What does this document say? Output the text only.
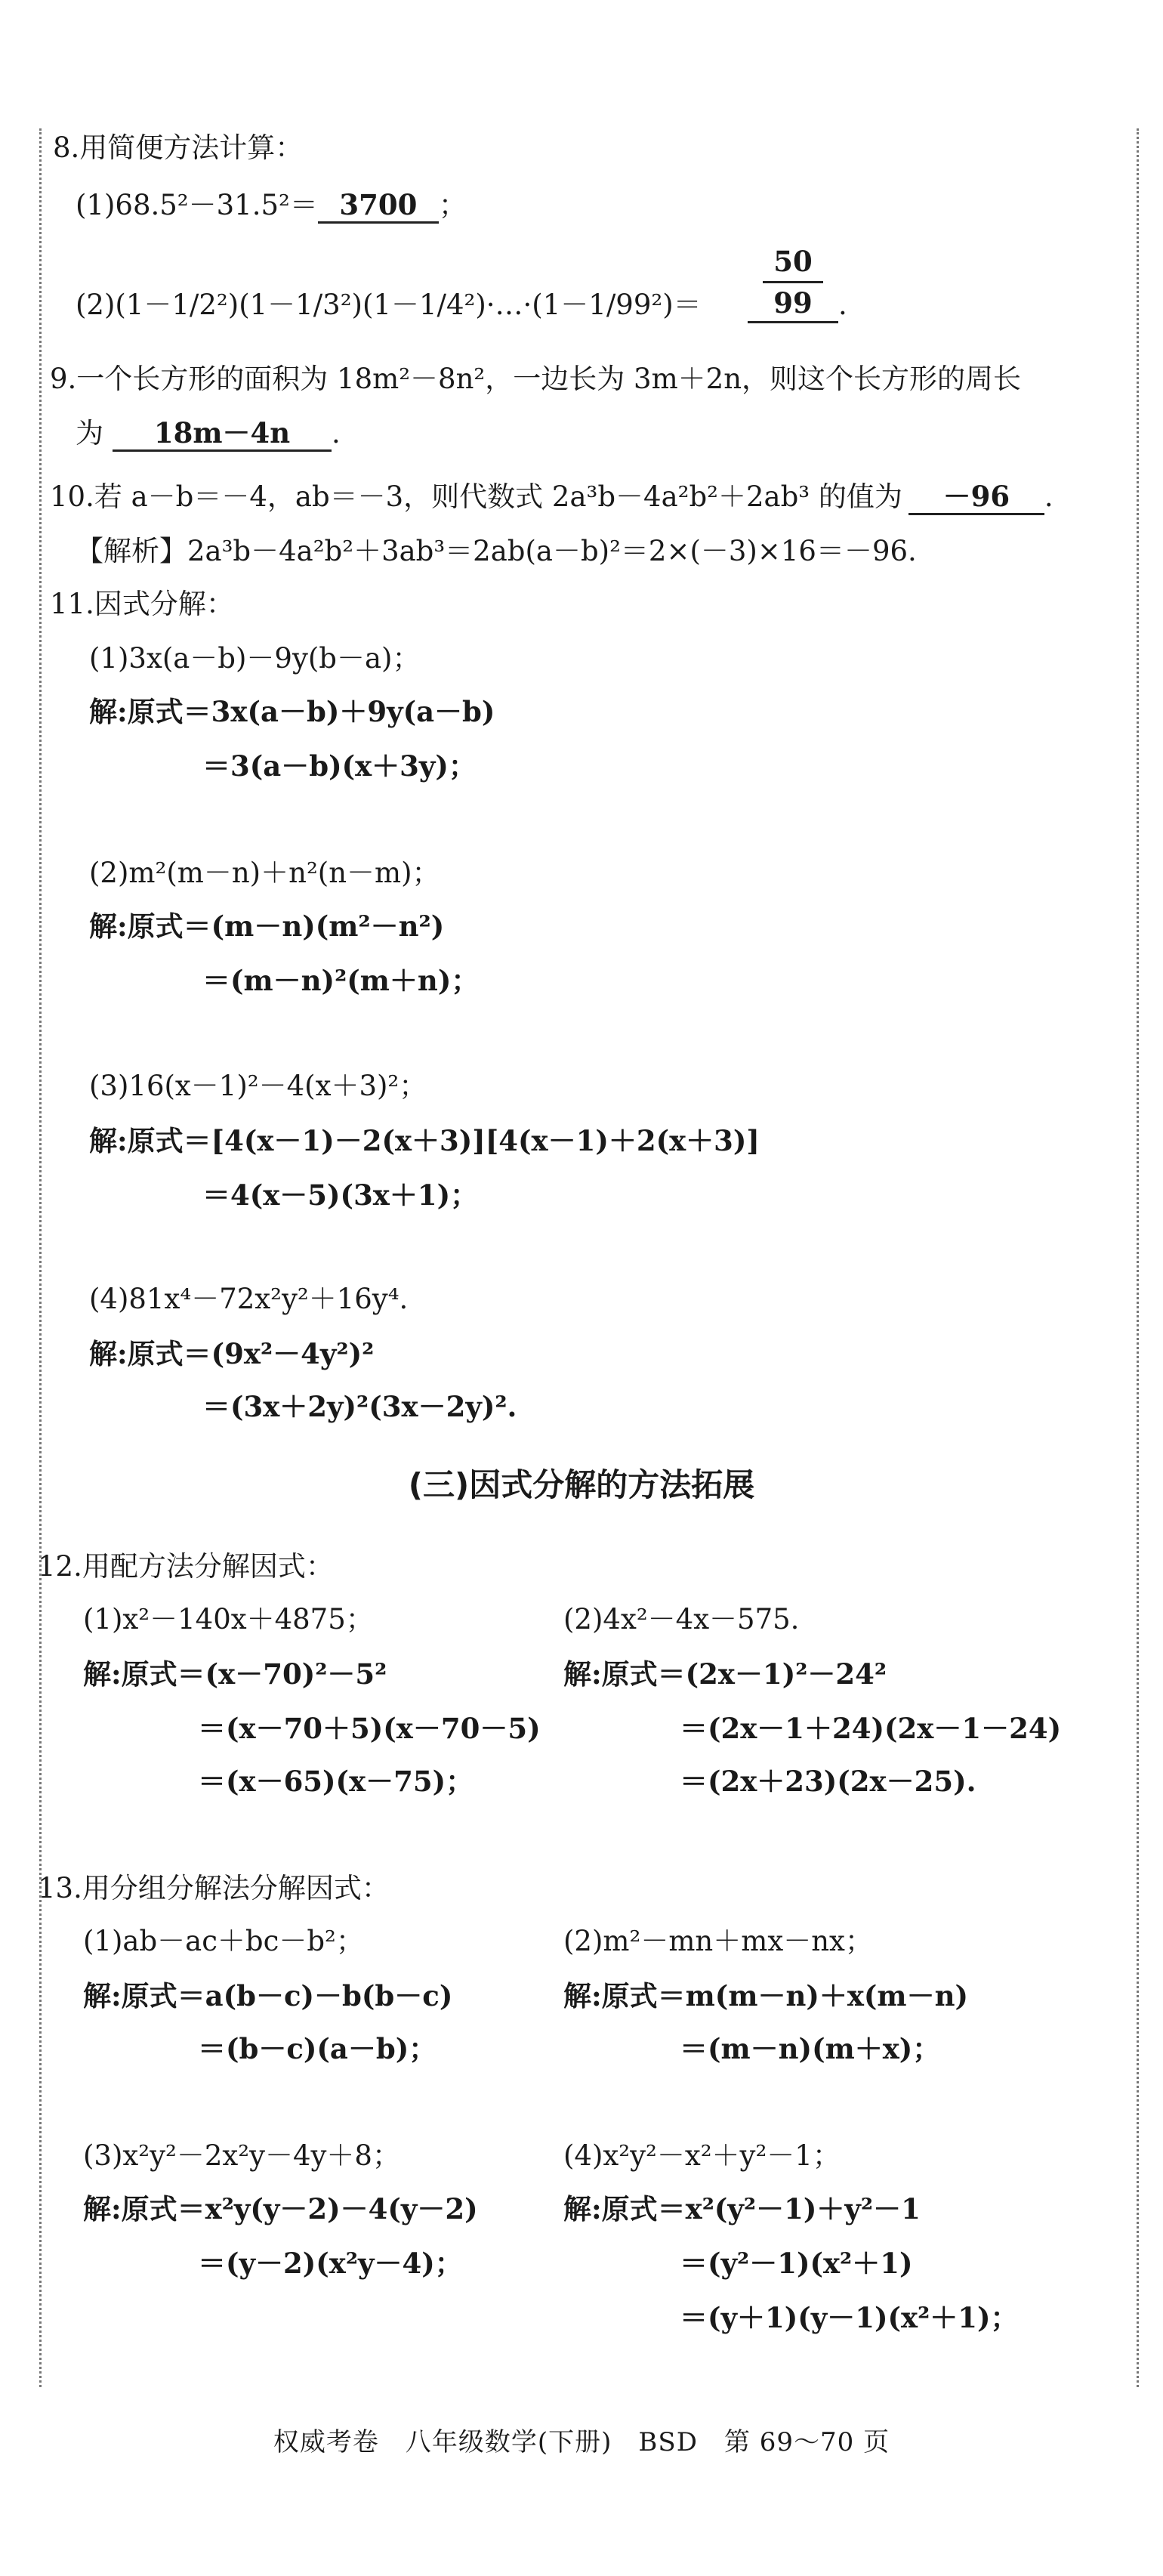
8.用简便方法计算：
(1)68.5²－31.5²＝ 3700 ；
(2)(1－1/2²)(1－1/3²)(1－1/4²)·…·(1－1/99²)＝
50
99 .
9.一个长方形的面积为 18m²－8n²，一边长为 3m＋2n，则这个长方形的周长
为 18m－4n .
10.若 a－b＝－4，ab＝－3，则代数式 2a³b－4a²b²＋2ab³ 的值为 －96 .
【解析】2a³b－4a²b²＋3ab³＝2ab(a－b)²＝2×(－3)×16＝－96.
11.因式分解：
(1)3x(a－b)－9y(b－a)；
解:原式＝3x(a－b)＋9y(a－b)
＝3(a－b)(x＋3y)；
(2)m²(m－n)＋n²(n－m)；
解:原式＝(m－n)(m²－n²)
＝(m－n)²(m＋n)；
(3)16(x－1)²－4(x＋3)²；
解:原式＝[4(x－1)－2(x＋3)][4(x－1)＋2(x＋3)]
＝4(x－5)(3x＋1)；
(4)81x⁴－72x²y²＋16y⁴.
解:原式＝(9x²－4y²)²
＝(3x＋2y)²(3x－2y)².
(三)因式分解的方法拓展
12.用配方法分解因式：
(1)x²－140x＋4875；
解:原式＝(x－70)²－5²
＝(x－70＋5)(x－70－5)
＝(x－65)(x－75)；
(2)4x²－4x－575.
解:原式＝(2x－1)²－24²
＝(2x－1＋24)(2x－1－24)
＝(2x＋23)(2x－25).
13.用分组分解法分解因式：
(1)ab－ac＋bc－b²；
解:原式＝a(b－c)－b(b－c)
＝(b－c)(a－b)；
(2)m²－mn＋mx－nx；
解:原式＝m(m－n)＋x(m－n)
＝(m－n)(m＋x)；
(3)x²y²－2x²y－4y＋8；
解:原式＝x²y(y－2)－4(y－2)
＝(y－2)(x²y－4)；
(4)x²y²－x²＋y²－1；
解:原式＝x²(y²－1)＋y²－1
＝(y²－1)(x²＋1)
＝(y＋1)(y－1)(x²＋1)；
权威考卷　八年级数学(下册)　BSD　第 69～70 页
